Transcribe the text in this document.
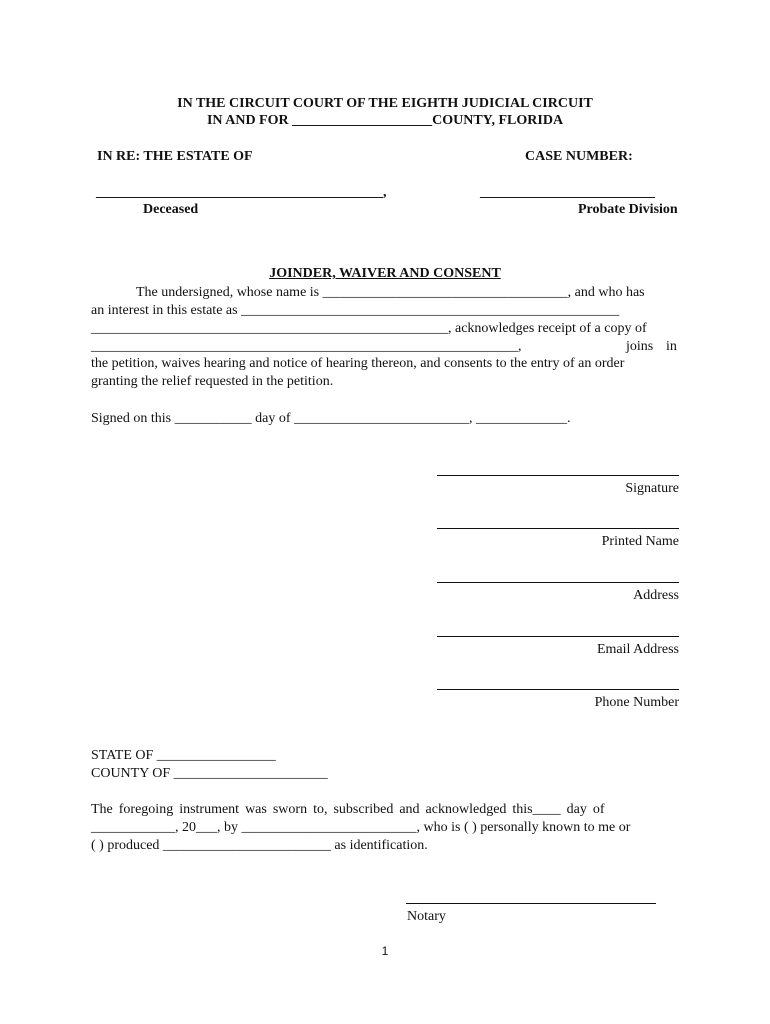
IN THE CIRCUIT COURT OF THE EIGHTH JUDICIAL CIRCUIT
IN AND FOR ____________________COUNTY, FLORIDA
IN RE: THE ESTATE OF	CASE NUMBER:
_________________________________________,	_________________________
Deceased	Probate Division
JOINDER, WAIVER AND CONSENT
The undersigned, whose name is ___________________________________, and who has
an interest in this estate as ______________________________________________________
___________________________________________________, acknowledges receipt of a copy of
_____________________________________________________________,	joins in
the petition, waives hearing and notice of hearing thereon, and consents to the entry of an order
granting the relief requested in the petition.
Signed on this ___________ day of _________________________, _____________.
Signature
Printed Name
Address
Email Address
Phone Number
STATE OF _________________
COUNTY OF ______________________
The foregoing instrument was sworn to, subscribed and acknowledged this____ day of
____________, 20___, by _________________________, who is ( ) personally known to me or
( ) produced ________________________ as identification.
Notary
1
